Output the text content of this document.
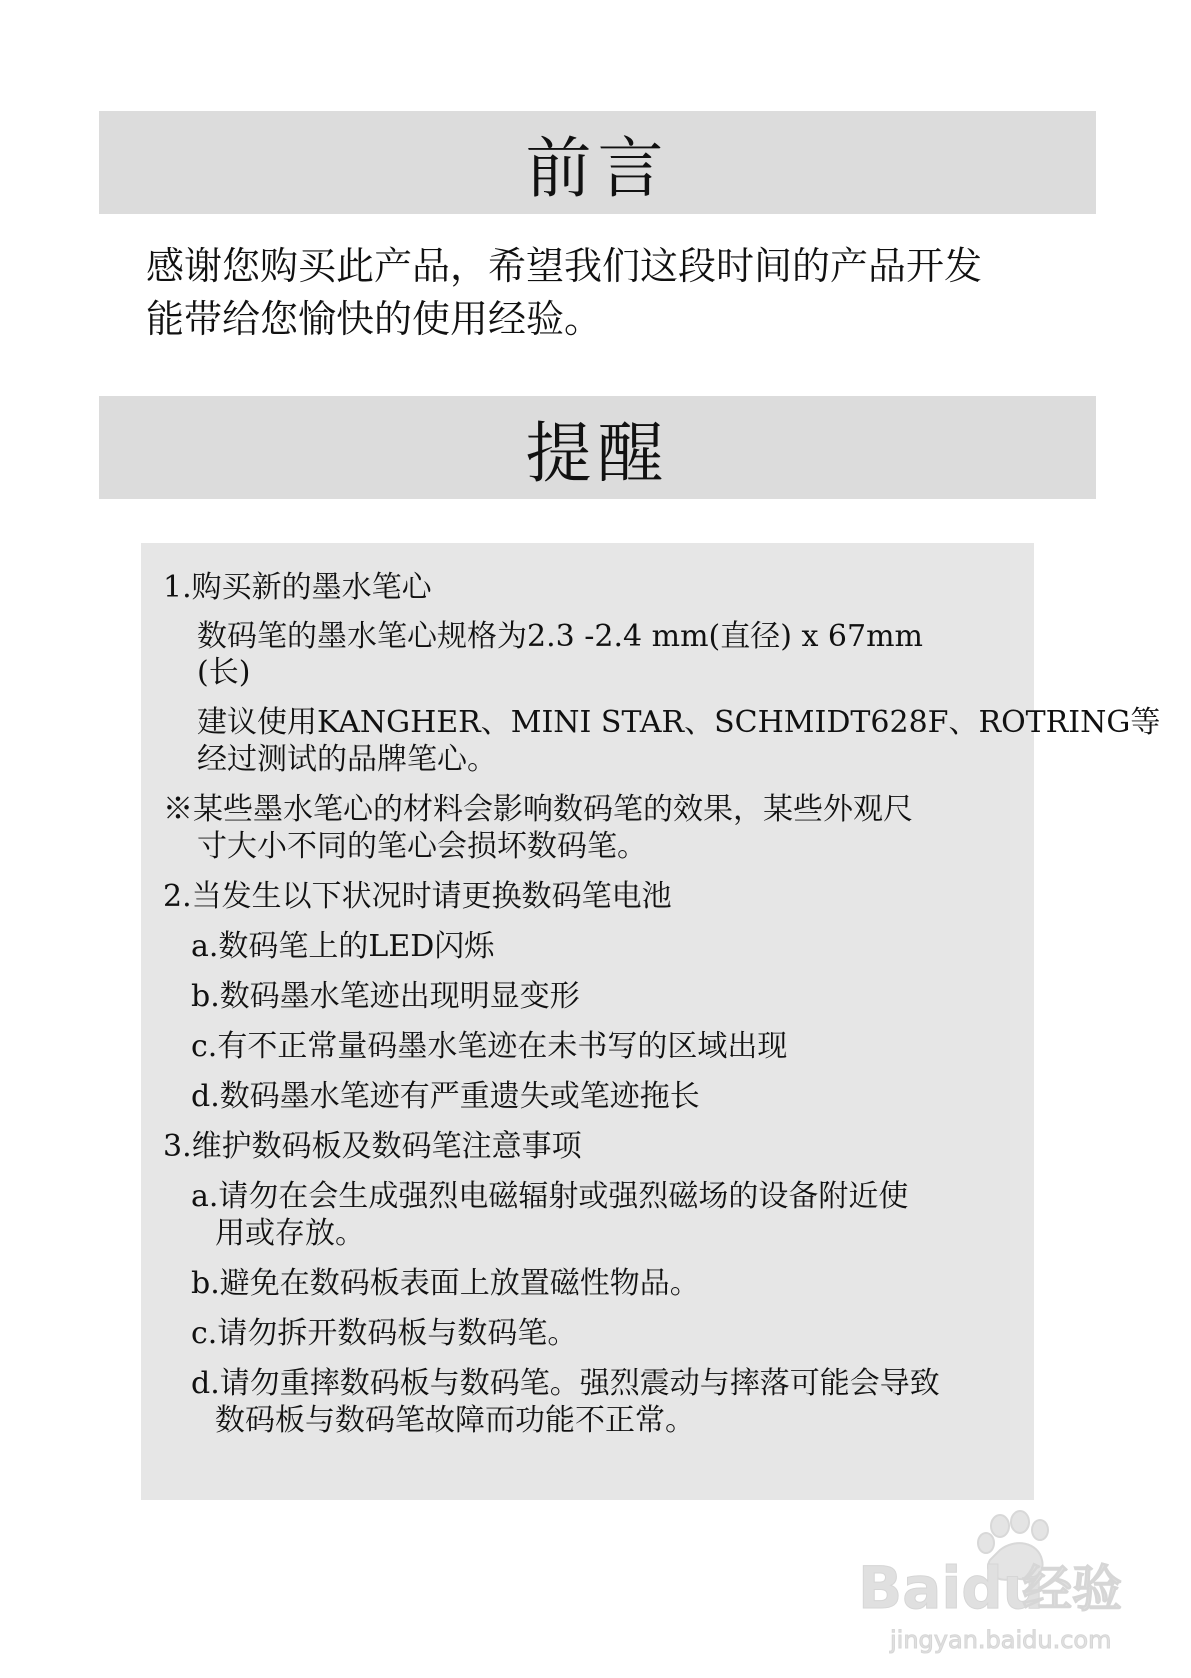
前言
感谢您购买此产品，希望我们这段时间的产品开发
能带给您愉快的使用经验。
提醒
1.购买新的墨水笔心
数码笔的墨水笔心规格为2.3 -2.4 mm(直径) x 67mm
(长)
建议使用KANGHER、MINI STAR、SCHMIDT628F、ROTRING等
经过测试的品牌笔心。
※某些墨水笔心的材料会影响数码笔的效果，某些外观尺
寸大小不同的笔心会损坏数码笔。
2.当发生以下状况时请更换数码笔电池
a.数码笔上的LED闪烁
b.数码墨水笔迹出现明显变形
c.有不正常量码墨水笔迹在未书写的区域出现
d.数码墨水笔迹有严重遗失或笔迹拖长
3.维护数码板及数码笔注意事项
a.请勿在会生成强烈电磁辐射或强烈磁场的设备附近使
用或存放。
b.避免在数码板表面上放置磁性物品。
c.请勿拆开数码板与数码笔。
d.请勿重摔数码板与数码笔。强烈震动与摔落可能会导致
数码板与数码笔故障而功能不正常。
Baidu
经验
jingyan.baidu.com
